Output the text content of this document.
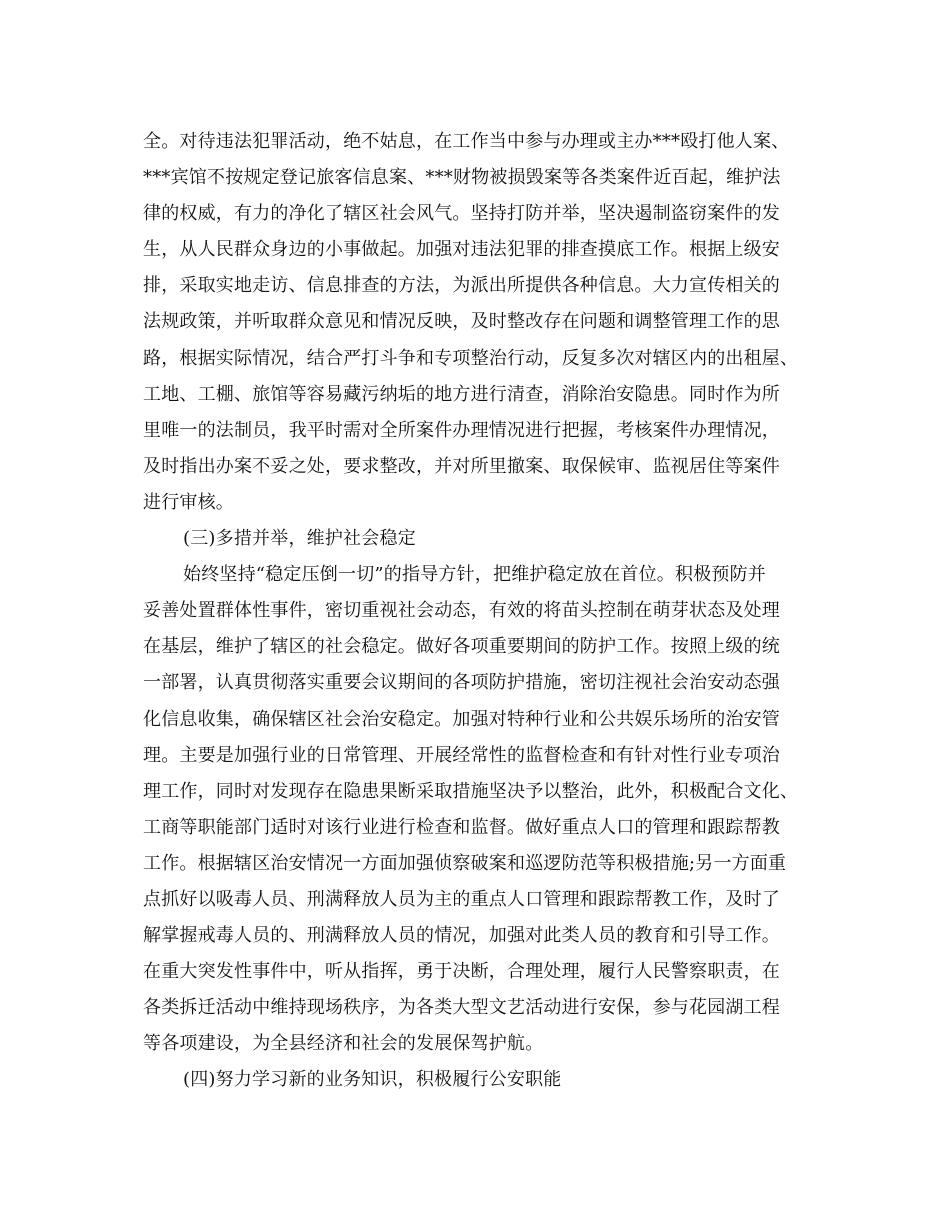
全。对待违法犯罪活动，绝不姑息，在工作当中参与办理或主办***殴打他人案、
***宾馆不按规定登记旅客信息案、***财物被损毁案等各类案件近百起，维护法
律的权威，有力的净化了辖区社会风气。坚持打防并举，坚决遏制盗窃案件的发
生，从人民群众身边的小事做起。加强对违法犯罪的排查摸底工作。根据上级安
排，采取实地走访、信息排查的方法，为派出所提供各种信息。大力宣传相关的
法规政策，并听取群众意见和情况反映，及时整改存在问题和调整管理工作的思
路，根据实际情况，结合严打斗争和专项整治行动，反复多次对辖区内的出租屋、
工地、工棚、旅馆等容易藏污纳垢的地方进行清查，消除治安隐患。同时作为所
里唯一的法制员，我平时需对全所案件办理情况进行把握，考核案件办理情况，
及时指出办案不妥之处，要求整改，并对所里撤案、取保候审、监视居住等案件
进行审核。
(三)多措并举，维护社会稳定
始终坚持“稳定压倒一切”的指导方针，把维护稳定放在首位。积极预防并
妥善处置群体性事件，密切重视社会动态，有效的将苗头控制在萌芽状态及处理
在基层，维护了辖区的社会稳定。做好各项重要期间的防护工作。按照上级的统
一部署，认真贯彻落实重要会议期间的各项防护措施，密切注视社会治安动态强
化信息收集，确保辖区社会治安稳定。加强对特种行业和公共娱乐场所的治安管
理。主要是加强行业的日常管理、开展经常性的监督检查和有针对性行业专项治
理工作，同时对发现存在隐患果断采取措施坚决予以整治，此外，积极配合文化、
工商等职能部门适时对该行业进行检查和监督。做好重点人口的管理和跟踪帮教
工作。根据辖区治安情况一方面加强侦察破案和巡逻防范等积极措施;另一方面重
点抓好以吸毒人员、刑满释放人员为主的重点人口管理和跟踪帮教工作，及时了
解掌握戒毒人员的、刑满释放人员的情况，加强对此类人员的教育和引导工作。
在重大突发性事件中，听从指挥，勇于决断，合理处理，履行人民警察职责，在
各类拆迁活动中维持现场秩序，为各类大型文艺活动进行安保，参与花园湖工程
等各项建设，为全县经济和社会的发展保驾护航。
(四)努力学习新的业务知识，积极履行公安职能
